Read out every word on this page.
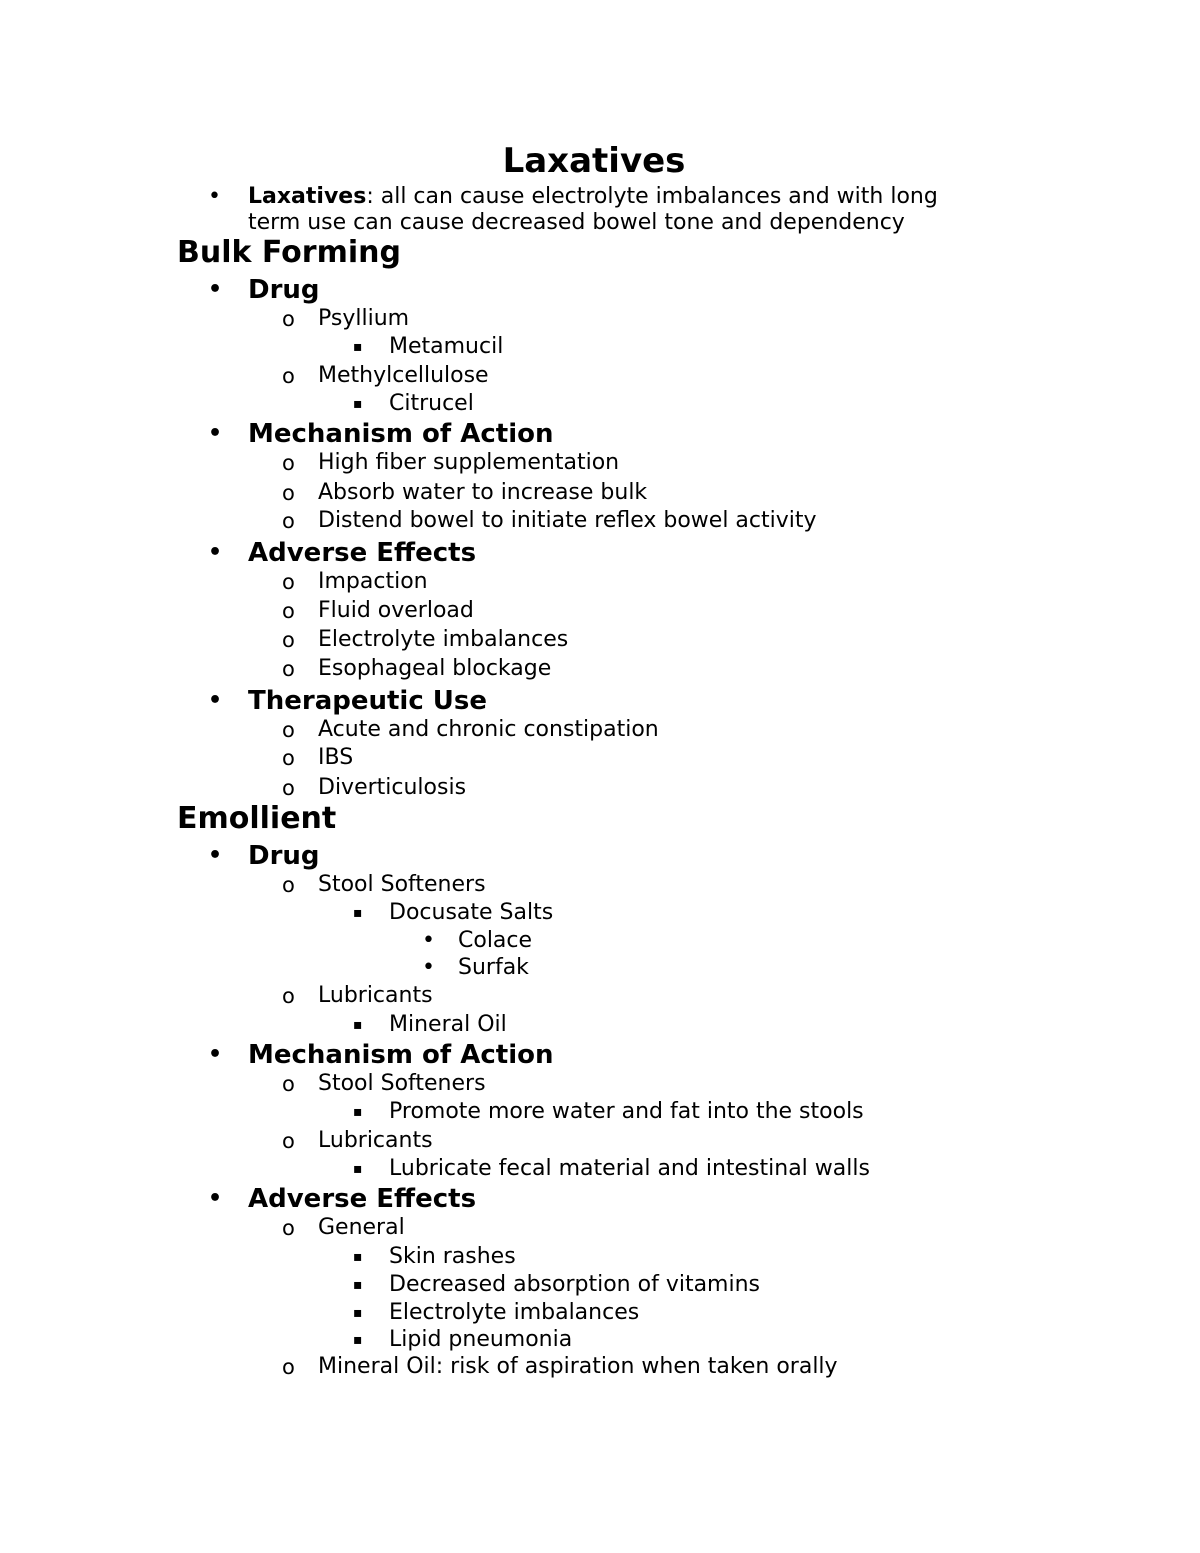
Laxatives
• Laxatives: all can cause electrolyte imbalances and with long
term use can cause decreased bowel tone and dependency
Bulk Forming
• Drug
o Psyllium
▪ Metamucil
o Methylcellulose
▪ Citrucel
• Mechanism of Action
o High fiber supplementation
o Absorb water to increase bulk
o Distend bowel to initiate reflex bowel activity
• Adverse Effects
o Impaction
o Fluid overload
o Electrolyte imbalances
o Esophageal blockage
• Therapeutic Use
o Acute and chronic constipation
o IBS
o Diverticulosis
Emollient
• Drug
o Stool Softeners
▪ Docusate Salts
• Colace
• Surfak
o Lubricants
▪ Mineral Oil
• Mechanism of Action
o Stool Softeners
▪ Promote more water and fat into the stools
o Lubricants
▪ Lubricate fecal material and intestinal walls
• Adverse Effects
o General
▪ Skin rashes
▪ Decreased absorption of vitamins
▪ Electrolyte imbalances
▪ Lipid pneumonia
o Mineral Oil: risk of aspiration when taken orally
